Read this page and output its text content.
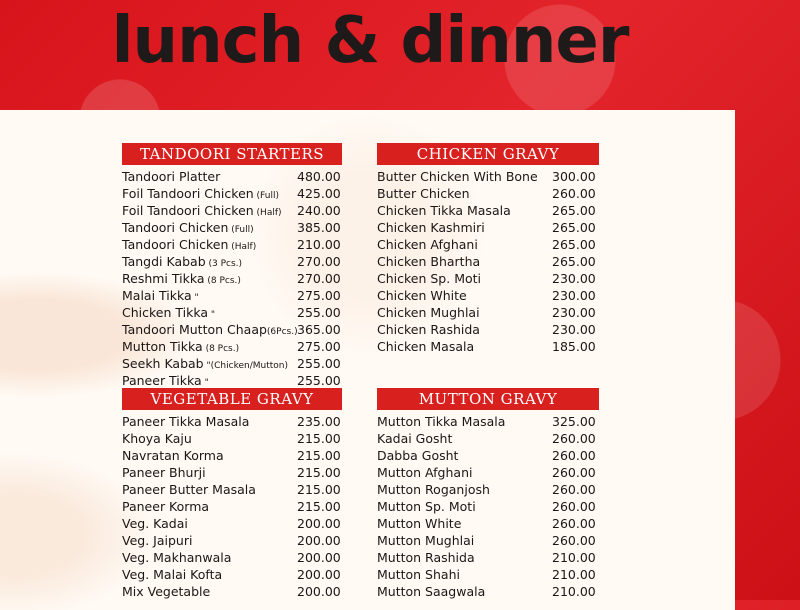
lunch & dinner
TANDOORI STARTERS
Tandoori Platter	480.00
Foil Tandoori Chicken (Full) 425.00
Foil Tandoori Chicken (Half) 240.00
Tandoori Chicken (Full)	385.00
Tandoori Chicken (Half)	210.00
Tangdi Kabab (3 Pcs.)	270.00
Reshmi Tikka (8 Pcs.)	270.00
Malai Tikka "	275.00
Chicken Tikka "	255.00
Tandoori Mutton Chaap(6Pcs.) 365.00
Mutton Tikka (8 Pcs.)	275.00
Seekh Kabab "(Chicken/Mutton) 255.00
Paneer Tikka "	255.00
CHICKEN GRAVY
Butter Chicken With Bone 300.00
Butter Chicken	260.00
Chicken Tikka Masala	265.00
Chicken Kashmiri	265.00
Chicken Afghani	265.00
Chicken Bhartha	265.00
Chicken Sp. Moti	230.00
Chicken White	230.00
Chicken Mughlai	230.00
Chicken Rashida	230.00
Chicken Masala	185.00
VEGETABLE GRAVY
Paneer Tikka Masala	235.00
Khoya Kaju	215.00
Navratan Korma	215.00
Paneer Bhurji	215.00
Paneer Butter Masala	215.00
Paneer Korma	215.00
Veg. Kadai	200.00
Veg. Jaipuri	200.00
Veg. Makhanwala	200.00
Veg. Malai Kofta	200.00
Mix Vegetable	200.00
MUTTON GRAVY
Mutton Tikka Masala	325.00
Kadai Gosht	260.00
Dabba Gosht	260.00
Mutton Afghani	260.00
Mutton Roganjosh	260.00
Mutton Sp. Moti	260.00
Mutton White	260.00
Mutton Mughlai	260.00
Mutton Rashida	210.00
Mutton Shahi	210.00
Mutton Saagwala	210.00
